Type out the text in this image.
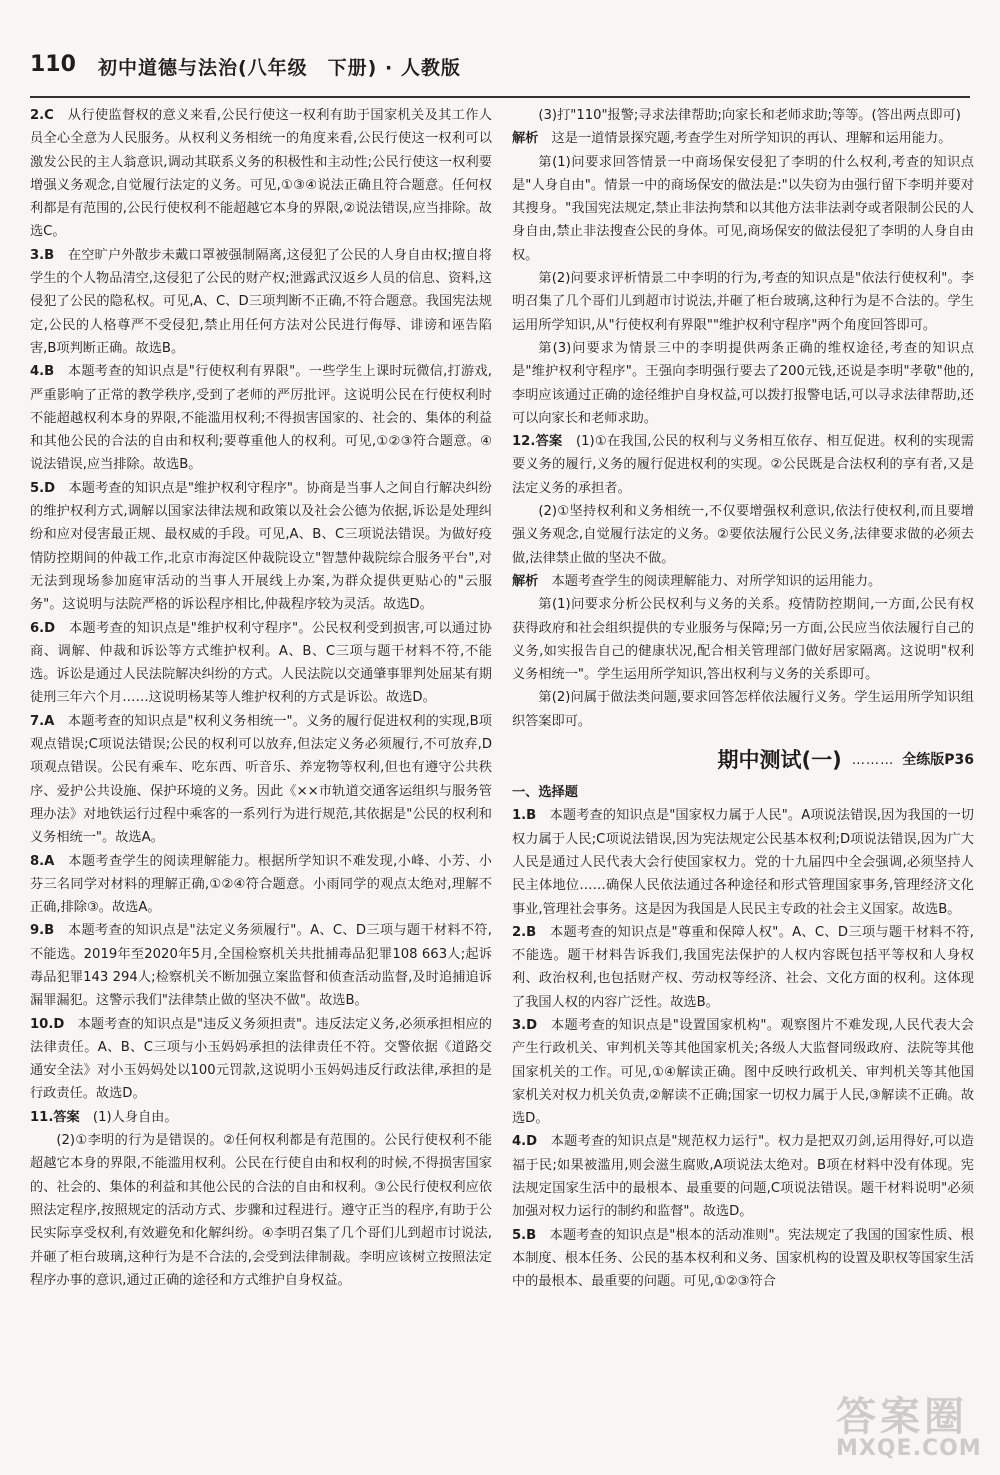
110 初中道德与法治(八年级　下册) · 人教版

2.C　从行使监督权的意义来看,公民行使这一权利有助于国家机关及其工作人员全心全意为人民服务。从权利义务相统一的角度来看,公民行使这一权利可以激发公民的主人翁意识,调动其联系义务的积极性和主动性;公民行使这一权利要增强义务观念,自觉履行法定的义务。可见,①③④说法正确且符合题意。任何权利都是有范围的,公民行使权利不能超越它本身的界限,②说法错误,应当排除。故选C。

3.B　在空旷户外散步未戴口罩被强制隔离,这侵犯了公民的人身自由权;擅自将学生的个人物品清空,这侵犯了公民的财产权;泄露武汉返乡人员的信息、资料,这侵犯了公民的隐私权。可见,A、C、D三项判断不正确,不符合题意。我国宪法规定,公民的人格尊严不受侵犯,禁止用任何方法对公民进行侮辱、诽谤和诬告陷害,B项判断正确。故选B。

4.B　本题考查的知识点是"行使权利有界限"。一些学生上课时玩微信,打游戏,严重影响了正常的教学秩序,受到了老师的严厉批评。这说明公民在行使权利时不能超越权利本身的界限,不能滥用权利;不得损害国家的、社会的、集体的利益和其他公民的合法的自由和权利;要尊重他人的权利。可见,①②③符合题意。④说法错误,应当排除。故选B。

5.D　本题考查的知识点是"维护权利守程序"。协商是当事人之间自行解决纠纷的维护权利方式,调解以国家法律法规和政策以及社会公德为依据,诉讼是处理纠纷和应对侵害最正规、最权威的手段。可见,A、B、C三项说法错误。为做好疫情防控期间的仲裁工作,北京市海淀区仲裁院设立"智慧仲裁院综合服务平台",对无法到现场参加庭审活动的当事人开展线上办案,为群众提供更贴心的"云服务"。这说明与法院严格的诉讼程序相比,仲裁程序较为灵活。故选D。

6.D　本题考查的知识点是"维护权利守程序"。公民权利受到损害,可以通过协商、调解、仲裁和诉讼等方式维护权利。A、B、C三项与题干材料不符,不能选。诉讼是通过人民法院解决纠纷的方式。人民法院以交通肇事罪判处屈某有期徒刑三年六个月……这说明杨某等人维护权利的方式是诉讼。故选D。

7.A　本题考查的知识点是"权利义务相统一"。义务的履行促进权利的实现,B项观点错误;C项说法错误;公民的权利可以放弃,但法定义务必须履行,不可放弃,D项观点错误。公民有乘车、吃东西、听音乐、养宠物等权利,但也有遵守公共秩序、爱护公共设施、保护环境的义务。因此《××市轨道交通客运组织与服务管理办法》对地铁运行过程中乘客的一系列行为进行规范,其依据是"公民的权利和义务相统一"。故选A。

8.A　本题考查学生的阅读理解能力。根据所学知识不难发现,小峰、小芳、小芬三名同学对材料的理解正确,①②④符合题意。小雨同学的观点太绝对,理解不正确,排除③。故选A。

9.B　本题考查的知识点是"法定义务须履行"。A、C、D三项与题干材料不符,不能选。2019年至2020年5月,全国检察机关共批捕毒品犯罪108 663人;起诉毒品犯罪143 294人;检察机关不断加强立案监督和侦查活动监督,及时追捕追诉漏罪漏犯。这警示我们"法律禁止做的坚决不做"。故选B。

10.D　本题考查的知识点是"违反义务须担责"。违反法定义务,必须承担相应的法律责任。A、B、C三项与小玉妈妈承担的法律责任不符。交警依据《道路交通安全法》对小玉妈妈处以100元罚款,这说明小玉妈妈违反行政法律,承担的是行政责任。故选D。

11.答案　(1)人身自由。

(2)①李明的行为是错误的。②任何权利都是有范围的。公民行使权利不能超越它本身的界限,不能滥用权利。公民在行使自由和权利的时候,不得损害国家的、社会的、集体的利益和其他公民的合法的自由和权利。③公民行使权利应依照法定程序,按照规定的活动方式、步骤和过程进行。遵守正当的程序,有助于公民实际享受权利,有效避免和化解纠纷。④李明召集了几个哥们儿到超市讨说法,并砸了柜台玻璃,这种行为是不合法的,会受到法律制裁。李明应该树立按照法定程序办事的意识,通过正确的途径和方式维护自身权益。

(3)打"110"报警;寻求法律帮助;向家长和老师求助;等等。(答出两点即可)

解析　这是一道情景探究题,考查学生对所学知识的再认、理解和运用能力。

第(1)问要求回答情景一中商场保安侵犯了李明的什么权利,考查的知识点是"人身自由"。情景一中的商场保安的做法是:"以失窃为由强行留下李明并要对其搜身。"我国宪法规定,禁止非法拘禁和以其他方法非法剥夺或者限制公民的人身自由,禁止非法搜查公民的身体。可见,商场保安的做法侵犯了李明的人身自由权。

第(2)问要求评析情景二中李明的行为,考查的知识点是"依法行使权利"。李明召集了几个哥们儿到超市讨说法,并砸了柜台玻璃,这种行为是不合法的。学生运用所学知识,从"行使权利有界限""维护权利守程序"两个角度回答即可。

第(3)问要求为情景三中的李明提供两条正确的维权途径,考查的知识点是"维护权利守程序"。王强向李明强行要去了200元钱,还说是李明"孝敬"他的,李明应该通过正确的途径维护自身权益,可以拨打报警电话,可以寻求法律帮助,还可以向家长和老师求助。

12.答案　(1)①在我国,公民的权利与义务相互依存、相互促进。权利的实现需要义务的履行,义务的履行促进权利的实现。②公民既是合法权利的享有者,又是法定义务的承担者。

(2)①坚持权利和义务相统一,不仅要增强权利意识,依法行使权利,而且要增强义务观念,自觉履行法定的义务。②要依法履行公民义务,法律要求做的必须去做,法律禁止做的坚决不做。

解析　本题考查学生的阅读理解能力、对所学知识的运用能力。

第(1)问要求分析公民权利与义务的关系。疫情防控期间,一方面,公民有权获得政府和社会组织提供的专业服务与保障;另一方面,公民应当依法履行自己的义务,如实报告自己的健康状况,配合相关管理部门做好居家隔离。这说明"权利义务相统一"。学生运用所学知识,答出权利与义务的关系即可。

第(2)问属于做法类问题,要求回答怎样依法履行义务。学生运用所学知识组织答案即可。

期中测试(一) ……… 全练版P36

一、选择题

1.B　本题考查的知识点是"国家权力属于人民"。A项说法错误,因为我国的一切权力属于人民;C项说法错误,因为宪法规定公民基本权利;D项说法错误,因为广大人民是通过人民代表大会行使国家权力。党的十九届四中全会强调,必须坚持人民主体地位……确保人民依法通过各种途径和形式管理国家事务,管理经济文化事业,管理社会事务。这是因为我国是人民民主专政的社会主义国家。故选B。

2.B　本题考查的知识点是"尊重和保障人权"。A、C、D三项与题干材料不符,不能选。题干材料告诉我们,我国宪法保护的人权内容既包括平等权和人身权利、政治权利,也包括财产权、劳动权等经济、社会、文化方面的权利。这体现了我国人权的内容广泛性。故选B。

3.D　本题考查的知识点是"设置国家机构"。观察图片不难发现,人民代表大会产生行政机关、审判机关等其他国家机关;各级人大监督同级政府、法院等其他国家机关的工作。可见,①④解读正确。图中反映行政机关、审判机关等其他国家机关对权力机关负责,②解读不正确;国家一切权力属于人民,③解读不正确。故选D。

4.D　本题考查的知识点是"规范权力运行"。权力是把双刃剑,运用得好,可以造福于民;如果被滥用,则会滋生腐败,A项说法太绝对。B项在材料中没有体现。宪法规定国家生活中的最根本、最重要的问题,C项说法错误。题干材料说明"必须加强对权力运行的制约和监督"。故选D。

5.B　本题考查的知识点是"根本的活动准则"。宪法规定了我国的国家性质、根本制度、根本任务、公民的基本权利和义务、国家机构的设置及职权等国家生活中的最根本、最重要的问题。可见,①②③符合

答案圈
MXQE.COM
